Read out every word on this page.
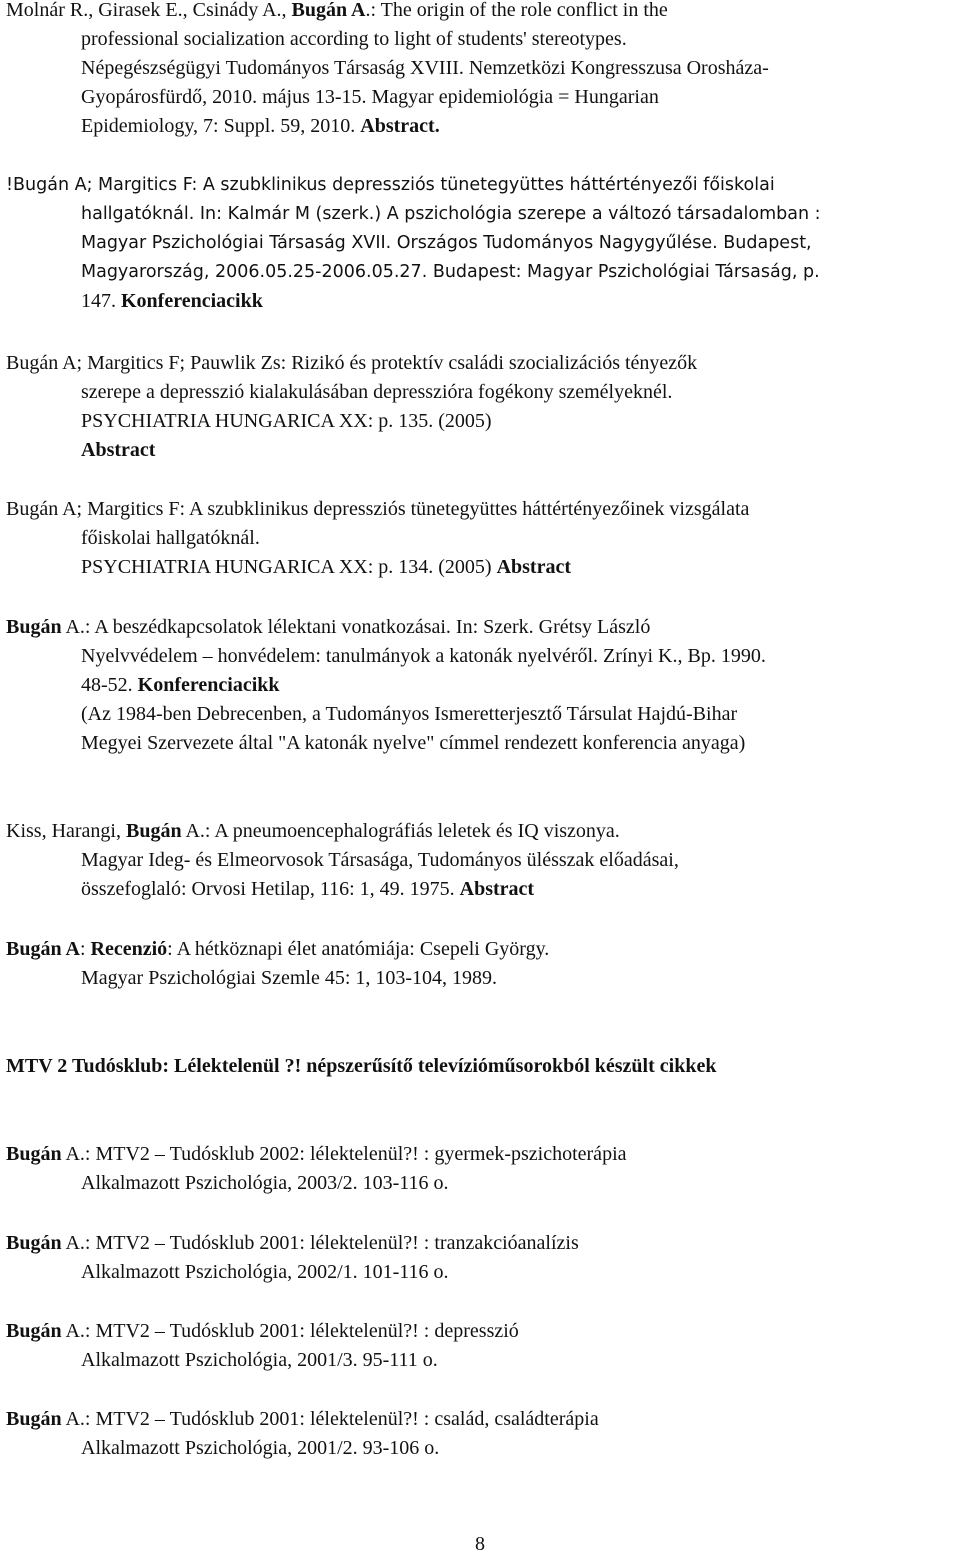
Molnár R., Girasek E., Csinády A., Bugán A.: The origin of the role conflict in the
professional socialization according to light of students' stereotypes.
Népegészségügyi Tudományos Társaság XVIII. Nemzetközi Kongresszusa Orosháza-
Gyopárosfürdő, 2010. május 13-15. Magyar epidemiológia = Hungarian
Epidemiology, 7: Suppl. 59, 2010. Abstract.
!Bugán A; Margitics F: A szubklinikus depressziós tünetegyüttes háttértényezői főiskolai
hallgatóknál. In: Kalmár M (szerk.) A pszichológia szerepe a változó társadalomban :
Magyar Pszichológiai Társaság XVII. Országos Tudományos Nagygyűlése. Budapest,
Magyarország, 2006.05.25-2006.05.27. Budapest: Magyar Pszichológiai Társaság, p.
147. Konferenciacikk
Bugán A; Margitics F; Pauwlik Zs: Rizikó és protektív családi szocializációs tényezők
szerepe a depresszió kialakulásában depresszióra fogékony személyeknél.
PSYCHIATRIA HUNGARICA XX: p. 135. (2005)
Abstract
Bugán A; Margitics F: A szubklinikus depressziós tünetegyüttes háttértényezőinek vizsgálata
főiskolai hallgatóknál.
PSYCHIATRIA HUNGARICA XX: p. 134. (2005) Abstract
Bugán A.: A beszédkapcsolatok lélektani vonatkozásai. In: Szerk. Grétsy László
Nyelvvédelem – honvédelem: tanulmányok a katonák nyelvéről. Zrínyi K., Bp. 1990.
48-52. Konferenciacikk
(Az 1984-ben Debrecenben, a Tudományos Ismeretterjesztő Társulat Hajdú-Bihar
Megyei Szervezete által "A katonák nyelve" címmel rendezett konferencia anyaga)
Kiss, Harangi, Bugán A.: A pneumoencephalográfiás leletek és IQ viszonya.
Magyar Ideg- és Elmeorvosok Társasága, Tudományos ülésszak előadásai,
összefoglaló: Orvosi Hetilap, 116: 1, 49. 1975. Abstract
Bugán A: Recenzió: A hétköznapi élet anatómiája: Csepeli György.
Magyar Pszichológiai Szemle 45: 1, 103-104, 1989.
MTV 2 Tudósklub: Lélektelenül ?! népszerűsítő televízióműsorokból készült cikkek
Bugán A.: MTV2 – Tudósklub 2002: lélektelenül?! : gyermek-pszichoterápia
Alkalmazott Pszichológia, 2003/2. 103-116 o.
Bugán A.: MTV2 – Tudósklub 2001: lélektelenül?! : tranzakcióanalízis
Alkalmazott Pszichológia, 2002/1. 101-116 o.
Bugán A.: MTV2 – Tudósklub 2001: lélektelenül?! : depresszió
Alkalmazott Pszichológia, 2001/3. 95-111 o.
Bugán A.: MTV2 – Tudósklub 2001: lélektelenül?! : család, családterápia
Alkalmazott Pszichológia, 2001/2. 93-106 o.
8
